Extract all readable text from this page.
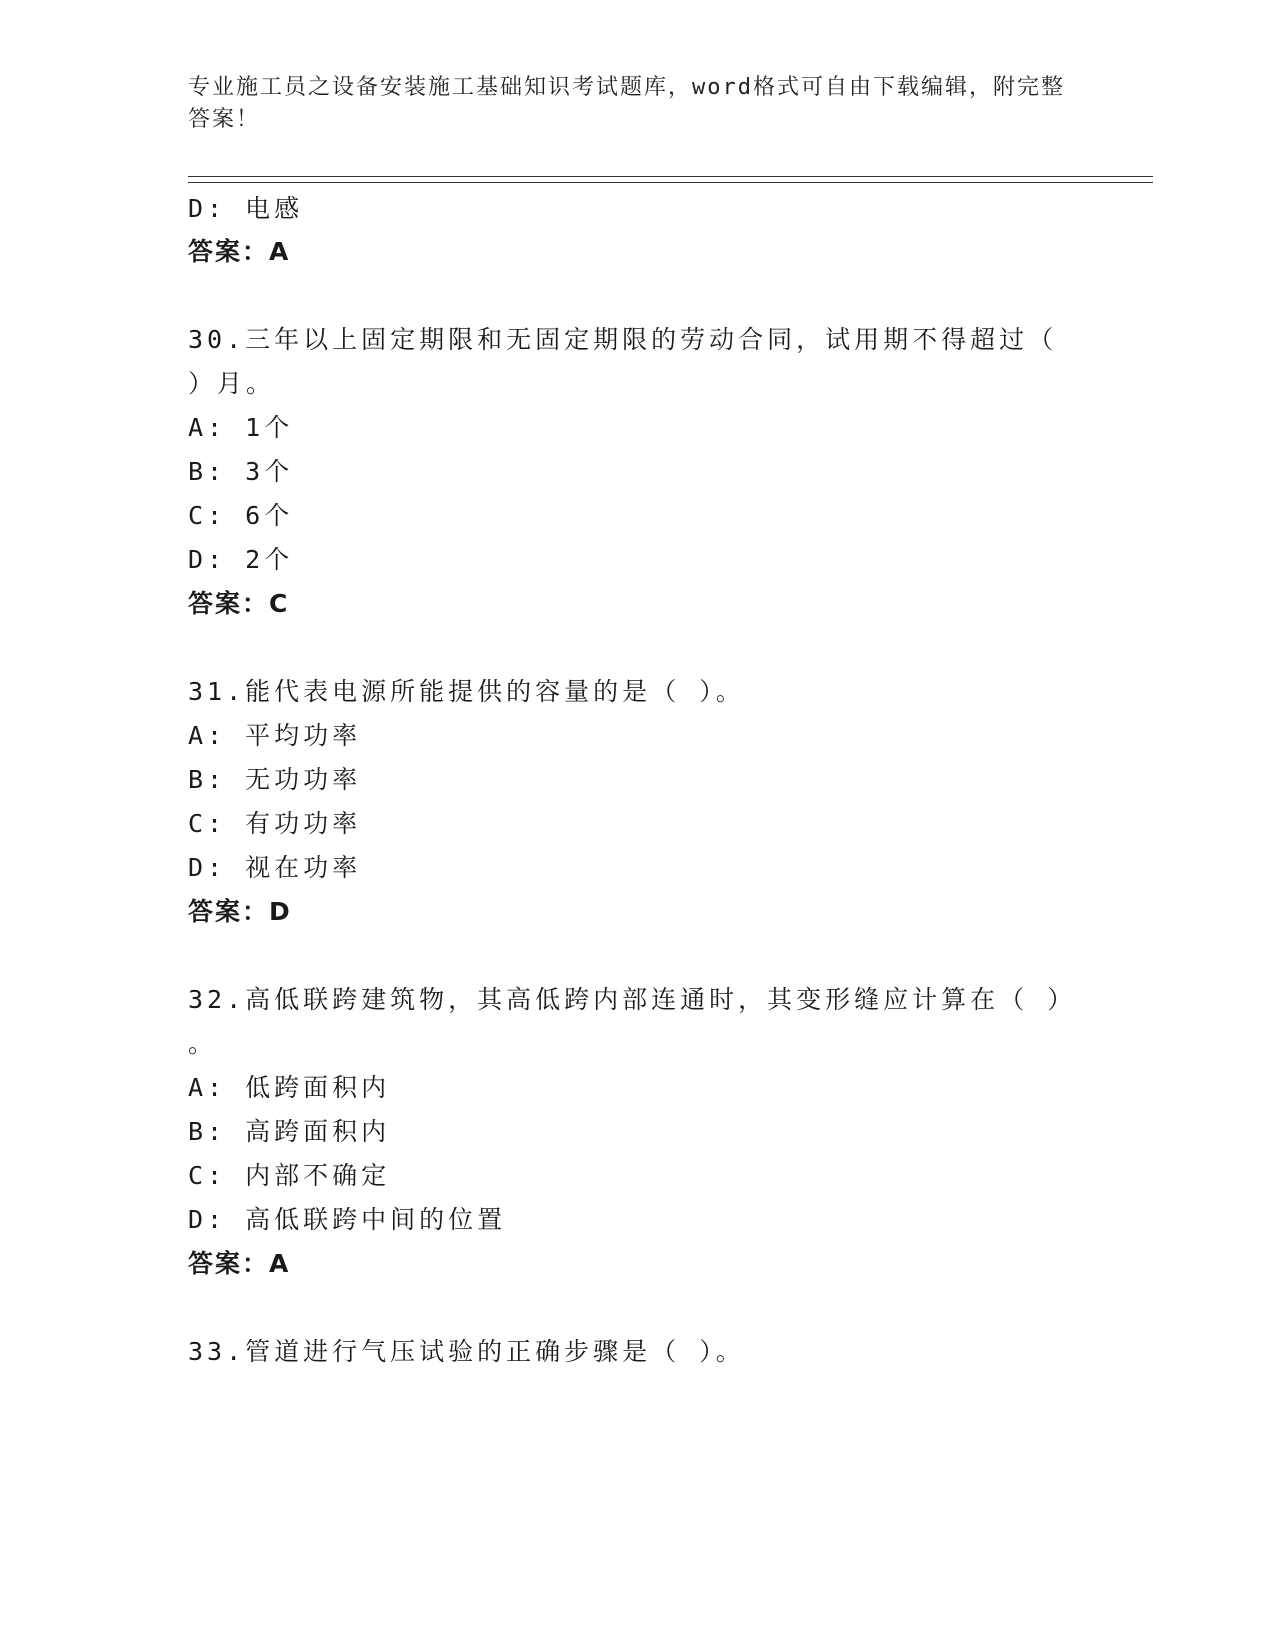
专业施工员之设备安装施工基础知识考试题库，word格式可自由下载编辑，附完整答案！
D: 电感
答案：A
30.三年以上固定期限和无固定期限的劳动合同，试用期不得超过（
）月。
A: 1个
B: 3个
C: 6个
D: 2个
答案：C
31.能代表电源所能提供的容量的是（ ）。
A: 平均功率
B: 无功功率
C: 有功功率
D: 视在功率
答案：D
32.高低联跨建筑物，其高低跨内部连通时，其变形缝应计算在（ ）
。
A: 低跨面积内
B: 高跨面积内
C: 内部不确定
D: 高低联跨中间的位置
答案：A
33.管道进行气压试验的正确步骤是（ ）。
